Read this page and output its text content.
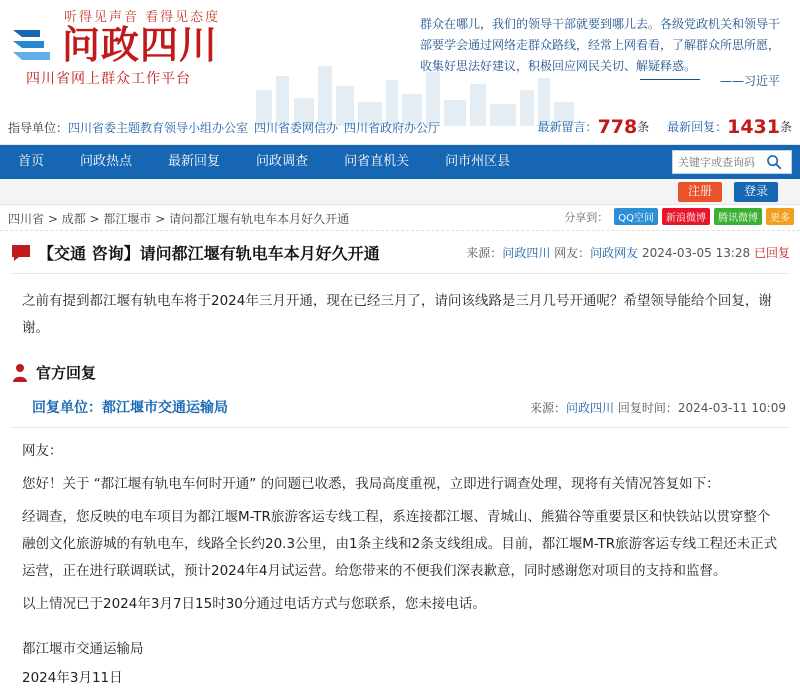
听得见声音 看得见态度
问政四川
四川省网上群众工作平台
群众在哪儿，我们的领导干部就要到哪儿去。各级党政机关和领导干部要学会通过网络走群众路线，经常上网看看，了解群众所思所愿，收集好思法好建议，积极回应网民关切、解疑释惑。
——习近平
指导单位：四川省委主题教育领导小组办公室 四川省委网信办 四川省政府办公厅	最新留言：778条 最新回复：1431条
首页	问政热点	最新回复	问政调查	问省直机关	问市州区县
关键字或查询码
注册	登录
四川省 > 成都 > 都江堰市 > 请问都江堰有轨电车本月好久开通	分享到：	QQ空间	新浪微博	腾讯微博	更多
【交通 咨询】请问都江堰有轨电车本月好久开通	来源：问政四川 网友：问政网友 2024-03-05 13:28 已回复
之前有提到都江堰有轨电车将于2024年三月开通，现在已经三月了，请问该线路是三月几号开通呢？希望领导能给个回复，谢谢。
官方回复
回复单位：都江堰市交通运输局	来源：问政四川 回复时间：2024-03-11 10:09

网友：

您好！关于 “都江堰有轨电车何时开通” 的问题已收悉，我局高度重视，立即进行调查处理，现将有关情况答复如下：

经调查，您反映的电车项目为都江堰M-TR旅游客运专线工程，系连接都江堰、青城山、熊猫谷等重要景区和快铁站以贯穿整个融创文化旅游城的有轨电车，线路全长约20.3公里，由1条主线和2条支线组成。目前，都江堰M-TR旅游客运专线工程还未正式运营，正在进行联调联试，预计2024年4月试运营。给您带来的不便我们深表歉意，同时感谢您对项目的支持和监督。

以上情况已于2024年3月7日15时30分通过电话方式与您联系，您未接电话。

都江堰市交通运输局

2024年3月11日
